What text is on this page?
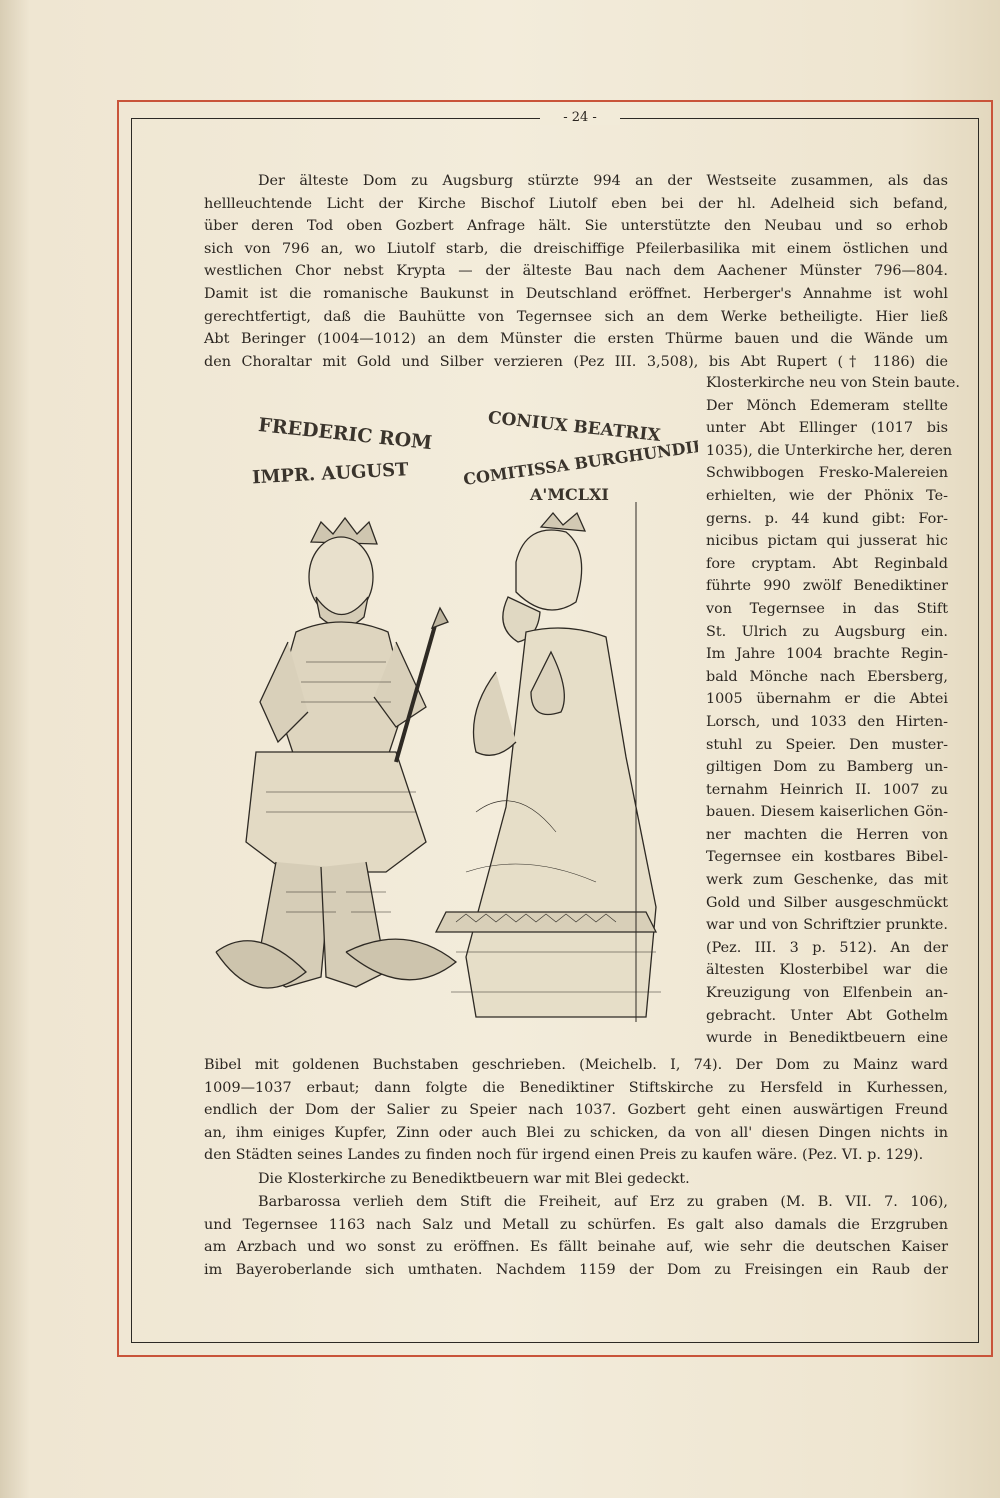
- 24 -
Der älteste Dom zu Augsburg stürzte 994 an der Westseite zusammen, als das
hellleuchtende Licht der Kirche Bischof Liutolf eben bei der hl. Adelheid sich befand,
über deren Tod oben Gozbert Anfrage hält. Sie unterstützte den Neubau und so erhob
sich von 796 an, wo Liutolf starb, die dreischiffige Pfeilerbasilika mit einem östlichen und
westlichen Chor nebst Krypta — der älteste Bau nach dem Aachener Münster 796—804.
Damit ist die romanische Baukunst in Deutschland eröffnet. Herberger's Annahme ist wohl
gerechtfertigt, daß die Bauhütte von Tegernsee sich an dem Werke betheiligte. Hier ließ
Abt Beringer (1004—1012) an dem Münster die ersten Thürme bauen und die Wände um
den Choraltar mit Gold und Silber verzieren (Pez III. 3,508), bis Abt Rupert († 1186) die
FREDERIC ROM
IMPR. AUGUST
CONIUX BEATRIX
COMITISSA BURGHUNDIE
A'MCLXI
Klosterkirche neu von Stein baute.
Der Mönch Edemeram stellte
unter Abt Ellinger (1017 bis
1035), die Unterkirche her, deren
Schwibbogen Fresko-Malereien
erhielten, wie der Phönix Te-
gerns. p. 44 kund gibt: For-
nicibus pictam qui jusserat hic
fore cryptam. Abt Reginbald
führte 990 zwölf Benediktiner
von Tegernsee in das Stift
St. Ulrich zu Augsburg ein.
Im Jahre 1004 brachte Regin-
bald Mönche nach Ebersberg,
1005 übernahm er die Abtei
Lorsch, und 1033 den Hirten-
stuhl zu Speier. Den muster-
giltigen Dom zu Bamberg un-
ternahm Heinrich II. 1007 zu
bauen. Diesem kaiserlichen Gön-
ner machten die Herren von
Tegernsee ein kostbares Bibel-
werk zum Geschenke, das mit
Gold und Silber ausgeschmückt
war und von Schriftzier prunkte.
(Pez. III. 3 p. 512). An der
ältesten Klosterbibel war die
Kreuzigung von Elfenbein an-
gebracht. Unter Abt Gothelm
wurde in Benediktbeuern eine
Bibel mit goldenen Buchstaben geschrieben. (Meichelb. I, 74). Der Dom zu Mainz ward
1009—1037 erbaut; dann folgte die Benediktiner Stiftskirche zu Hersfeld in Kurhessen,
endlich der Dom der Salier zu Speier nach 1037. Gozbert geht einen auswärtigen Freund
an, ihm einiges Kupfer, Zinn oder auch Blei zu schicken, da von all' diesen Dingen nichts in
den Städten seines Landes zu finden noch für irgend einen Preis zu kaufen wäre. (Pez. VI. p. 129).
Die Klosterkirche zu Benediktbeuern war mit Blei gedeckt.
Barbarossa verlieh dem Stift die Freiheit, auf Erz zu graben (M. B. VII. 7. 106),
und Tegernsee 1163 nach Salz und Metall zu schürfen. Es galt also damals die Erzgruben
am Arzbach und wo sonst zu eröffnen. Es fällt beinahe auf, wie sehr die deutschen Kaiser
im Bayeroberlande sich umthaten. Nachdem 1159 der Dom zu Freisingen ein Raub der
